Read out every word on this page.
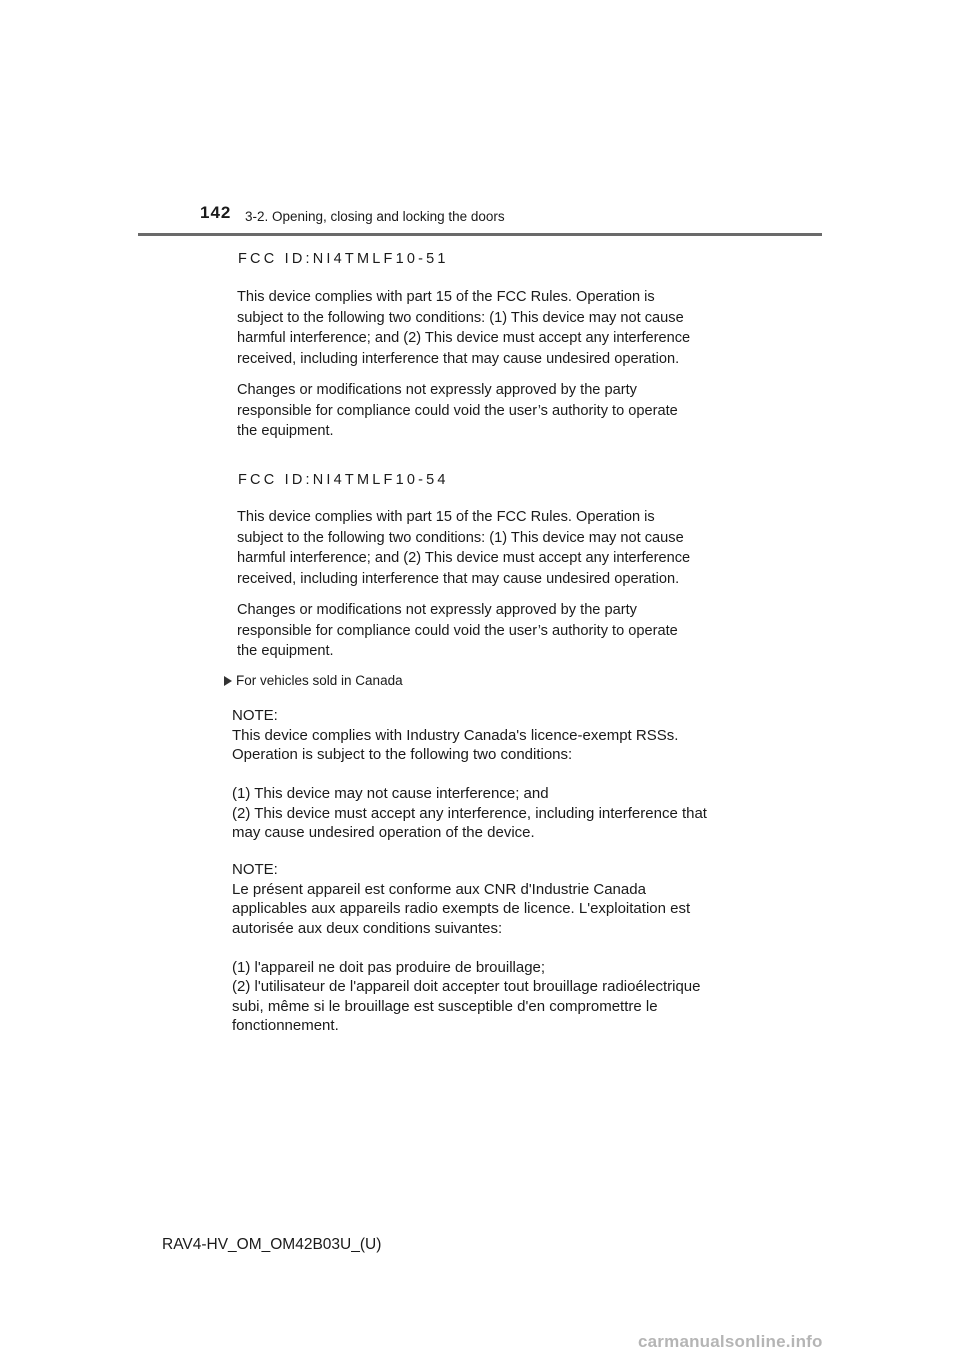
142 3-2. Opening, closing and locking the doors
FCC ID:NI4TMLF10-51

This device complies with part 15 of the FCC Rules. Operation is
subject to the following two conditions: (1) This device may not cause
harmful interference; and (2) This device must accept any interference
received, including interference that may cause undesired operation.

Changes or modifications not expressly approved by the party
responsible for compliance could void the user’s authority to operate
the equipment.

FCC ID:NI4TMLF10-54

This device complies with part 15 of the FCC Rules. Operation is
subject to the following two conditions: (1) This device may not cause
harmful interference; and (2) This device must accept any interference
received, including interference that may cause undesired operation.

Changes or modifications not expressly approved by the party
responsible for compliance could void the user’s authority to operate
the equipment.

For vehicles sold in Canada
NOTE:
This device complies with Industry Canada's licence-exempt RSSs.
Operation is subject to the following two conditions:
(1) This device may not cause interference; and
(2) This device must accept any interference, including interference that
may cause undesired operation of the device.
NOTE:
Le présent appareil est conforme aux CNR d'Industrie Canada
applicables aux appareils radio exempts de licence. L'exploitation est
autorisée aux deux conditions suivantes:
(1) l'appareil ne doit pas produire de brouillage;
(2) l'utilisateur de l'appareil doit accepter tout brouillage radioélectrique
subi, même si le brouillage est susceptible d'en compromettre le
fonctionnement.
RAV4-HV_OM_OM42B03U_(U)
carmanualsonline.info
